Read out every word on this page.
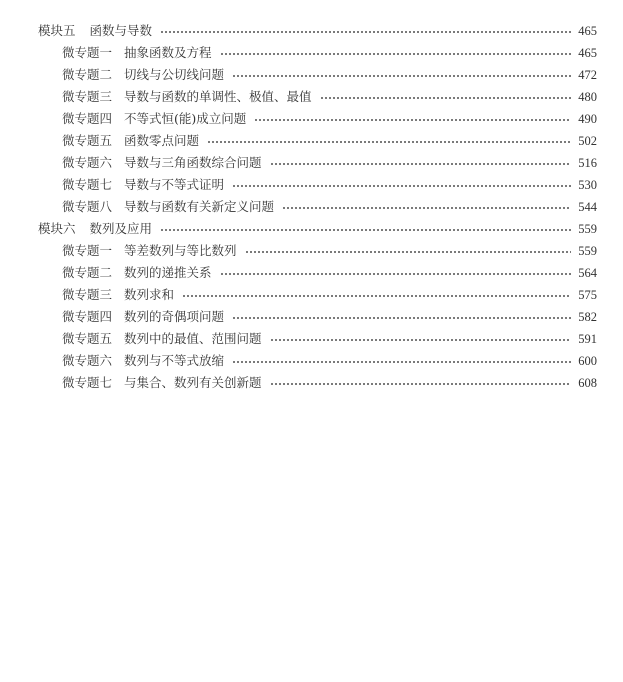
模块五 函数与导数	465
微专题一 抽象函数及方程	465
微专题二 切线与公切线问题	472
微专题三 导数与函数的单调性、极值、最值	480
微专题四 不等式恒(能)成立问题	490
微专题五 函数零点问题	502
微专题六 导数与三角函数综合问题	516
微专题七 导数与不等式证明	530
微专题八 导数与函数有关新定义问题	544
模块六 数列及应用	559
微专题一 等差数列与等比数列	559
微专题二 数列的递推关系	564
微专题三 数列求和	575
微专题四 数列的奇偶项问题	582
微专题五 数列中的最值、范围问题	591
微专题六 数列与不等式放缩	600
微专题七 与集合、数列有关创新题	608
